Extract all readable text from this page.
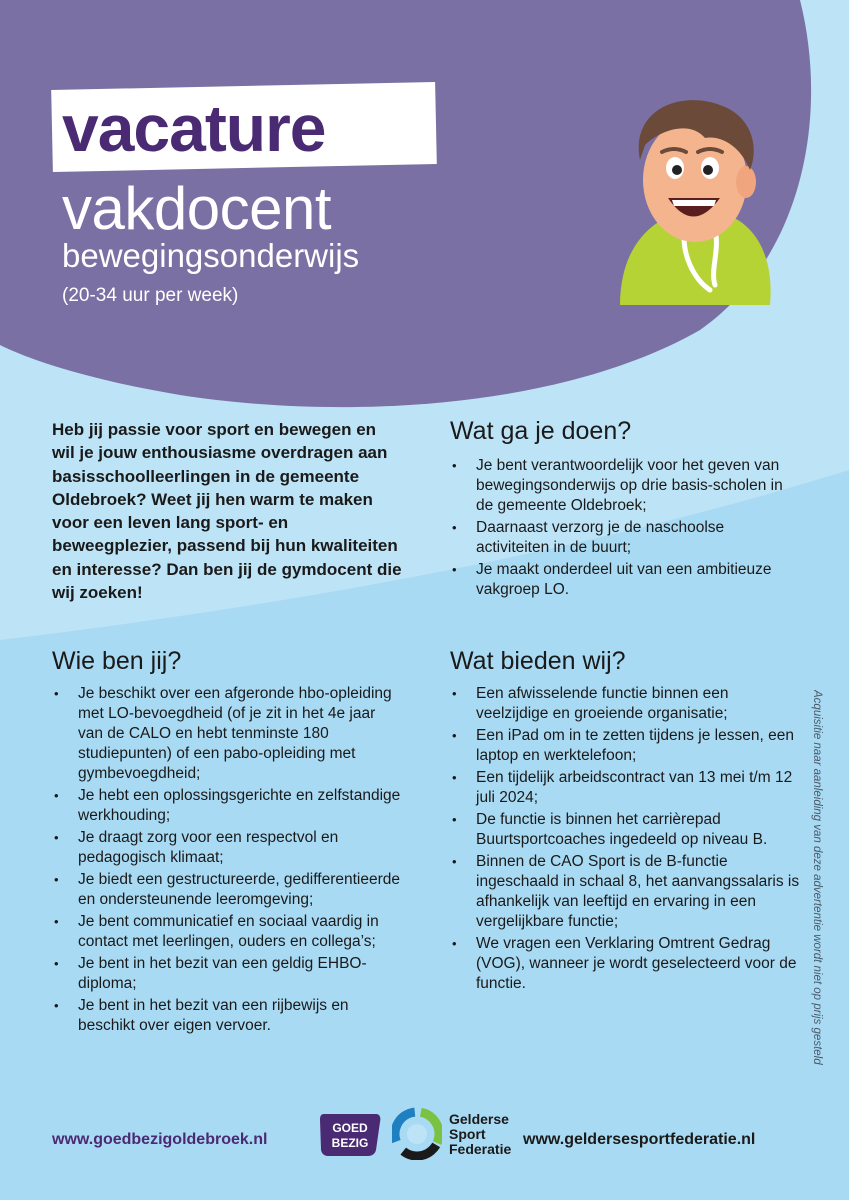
vacature
vakdocent
bewegingsonderwijs
(20-34 uur per week)
Heb jij passie voor sport en bewegen en wil je jouw enthousiasme overdragen aan basisschoolleerlingen in de gemeente Oldebroek? Weet jij hen warm te maken voor een leven lang sport- en beweegplezier, passend bij hun kwaliteiten en interesse? Dan ben jij de gymdocent die wij zoeken!
Wat ga je doen?
• Je bent verantwoordelijk voor het geven van bewegingsonderwijs op drie basis-scholen in de gemeente Oldebroek;
• Daarnaast verzorg je de naschoolse activiteiten in de buurt;
• Je maakt onderdeel uit van een ambitieuze vakgroep LO.
Wie ben jij?
• Je beschikt over een afgeronde hbo-opleiding met LO-bevoegdheid (of je zit in het 4e jaar van de CALO en hebt tenminste 180 studiepunten) of een pabo-opleiding met gymbevoegdheid;
• Je hebt een oplossingsgerichte en zelfstandige werkhouding;
• Je draagt zorg voor een respectvol en pedagogisch klimaat;
• Je biedt een gestructureerde, gedifferentieerde en ondersteunende leeromgeving;
• Je bent communicatief en sociaal vaardig in contact met leerlingen, ouders en collega’s;
• Je bent in het bezit van een geldig EHBO- diploma;
• Je bent in het bezit van een rijbewijs en beschikt over eigen vervoer.
Wat bieden wij?
• Een afwisselende functie binnen een veelzijdige en groeiende organisatie;
• Een iPad om in te zetten tijdens je lessen, een laptop en werktelefoon;
• Een tijdelijk arbeidscontract van 13 mei t/m 12 juli 2024;
• De functie is binnen het carrièrepad Buurtsportcoaches ingedeeld op niveau B.
• Binnen de CAO Sport is de B-functie ingeschaald in schaal 8, het aanvangssalaris is afhankelijk van leeftijd en ervaring in een vergelijkbare functie;
• We vragen een Verklaring Omtrent Gedrag (VOG), wanneer je wordt geselecteerd voor de functie.	Acquisitie naar aanleiding van deze advertentie wordt niet op prijs gesteld
www.goedbezigoldebroek.nl
GOED
BEZIG
Gelderse
Sport
Federatie
www.geldersesportfederatie.nl
